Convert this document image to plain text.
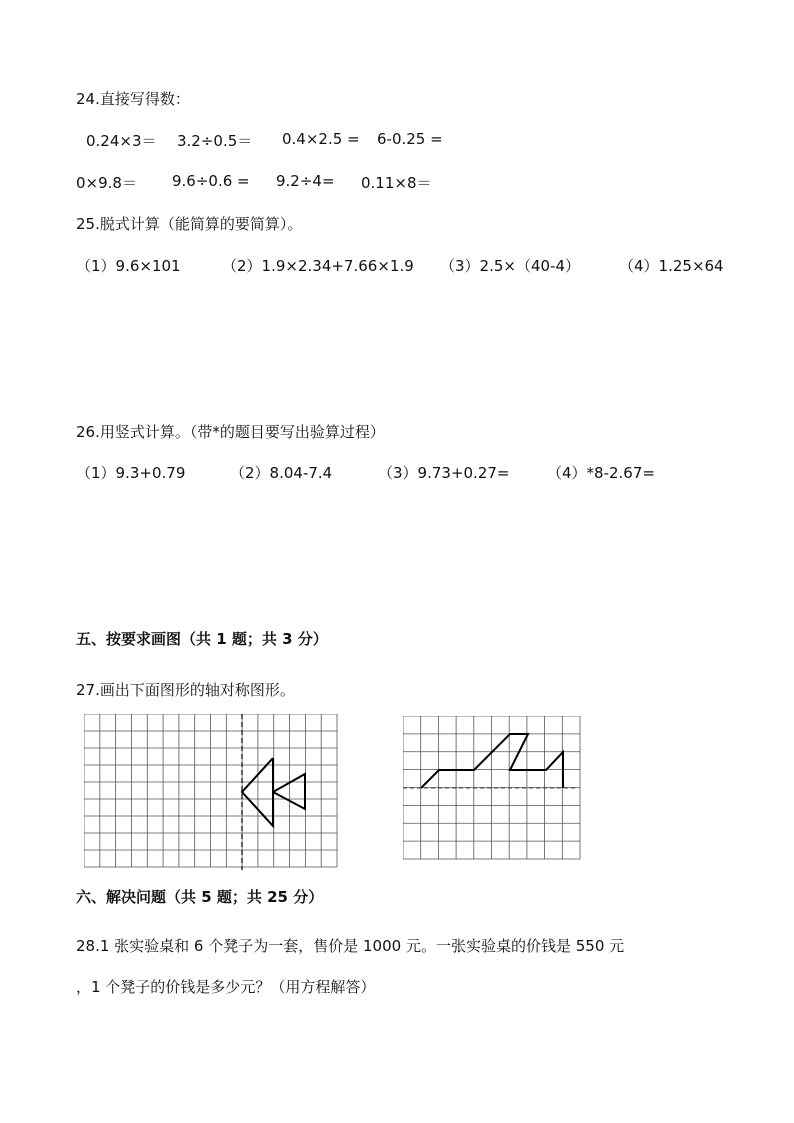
24.直接写得数：
0.24×3＝ 3.2÷0.5＝ 0.4×2.5 = 6-0.25 =
0×9.8＝ 9.6÷0.6 = 9.2÷4= 0.11×8＝
25.脱式计算（能简算的要简算）。
（1）9.6×101	（2）1.9×2.34+7.66×1.9 （3）2.5×（40-4）	（4）1.25×64
26.用竖式计算。（带*的题目要写出验算过程）
（1）9.3+0.79	（2）8.04-7.4	（3）9.73+0.27=	（4）*8-2.67=
五、按要求画图（共 1 题；共 3 分）
27.画出下面图形的轴对称图形。
六、解决问题（共 5 题；共 25 分）
28.1 张实验桌和 6 个凳子为一套，售价是 1000 元。一张实验桌的价钱是 550 元
，1 个凳子的价钱是多少元？（用方程解答）
